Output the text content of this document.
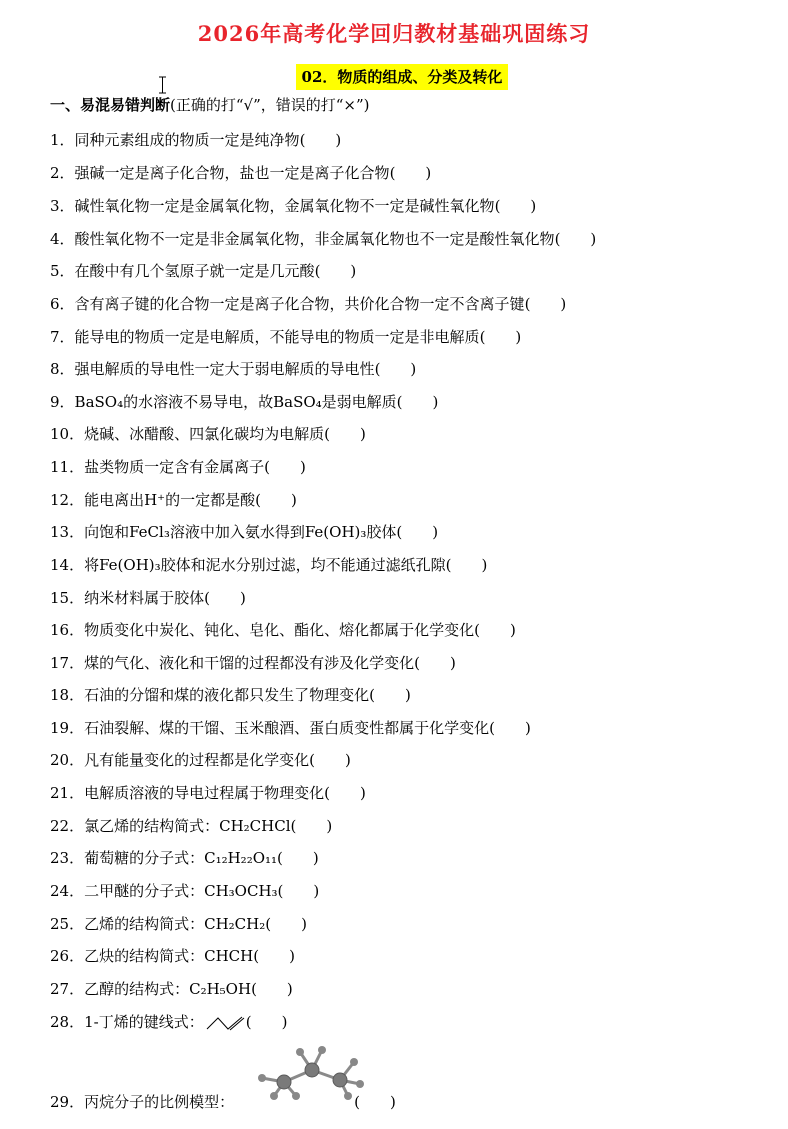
2026年高考化学回归教材基础巩固练习
02．物质的组成、分类及转化
一、易混易错判断(正确的打“√”，错误的打“×”)
1．同种元素组成的物质一定是纯净物(　　)
2．强碱一定是离子化合物，盐也一定是离子化合物(　　)
3．碱性氧化物一定是金属氧化物，金属氧化物不一定是碱性氧化物(　　)
4．酸性氧化物不一定是非金属氧化物，非金属氧化物也不一定是酸性氧化物(　　)
5．在酸中有几个氢原子就一定是几元酸(　　)
6．含有离子键的化合物一定是离子化合物，共价化合物一定不含离子键(　　)
7．能导电的物质一定是电解质，不能导电的物质一定是非电解质(　　)
8．强电解质的导电性一定大于弱电解质的导电性(　　)
9．BaSO₄的水溶液不易导电，故BaSO₄是弱电解质(　　)
10．烧碱、冰醋酸、四氯化碳均为电解质(　　)
11．盐类物质一定含有金属离子(　　)
12．能电离出H⁺的一定都是酸(　　)
13．向饱和FeCl₃溶液中加入氨水得到Fe(OH)₃胶体(　　)
14．将Fe(OH)₃胶体和泥水分别过滤，均不能通过滤纸孔隙(　　)
15．纳米材料属于胶体(　　)
16．物质变化中炭化、钝化、皂化、酯化、熔化都属于化学变化(　　)
17．煤的气化、液化和干馏的过程都没有涉及化学变化(　　)
18．石油的分馏和煤的液化都只发生了物理变化(　　)
19．石油裂解、煤的干馏、玉米酿酒、蛋白质变性都属于化学变化(　　)
20．凡有能量变化的过程都是化学变化(　　)
21．电解质溶液的导电过程属于物理变化(　　)
22．氯乙烯的结构简式：CH₂CHCl(　　)
23．葡萄糖的分子式：C₁₂H₂₂O₁₁(　　)
24．二甲醚的分子式：CH₃OCH₃(　　)
25．乙烯的结构简式：CH₂CH₂(　　)
26．乙炔的结构简式：CHCH(　　)
27．乙醇的结构式：C₂H₅OH(　　)
28．1-丁烯的键线式：	(　　)
29．丙烷分子的比例模型：	(　　)
